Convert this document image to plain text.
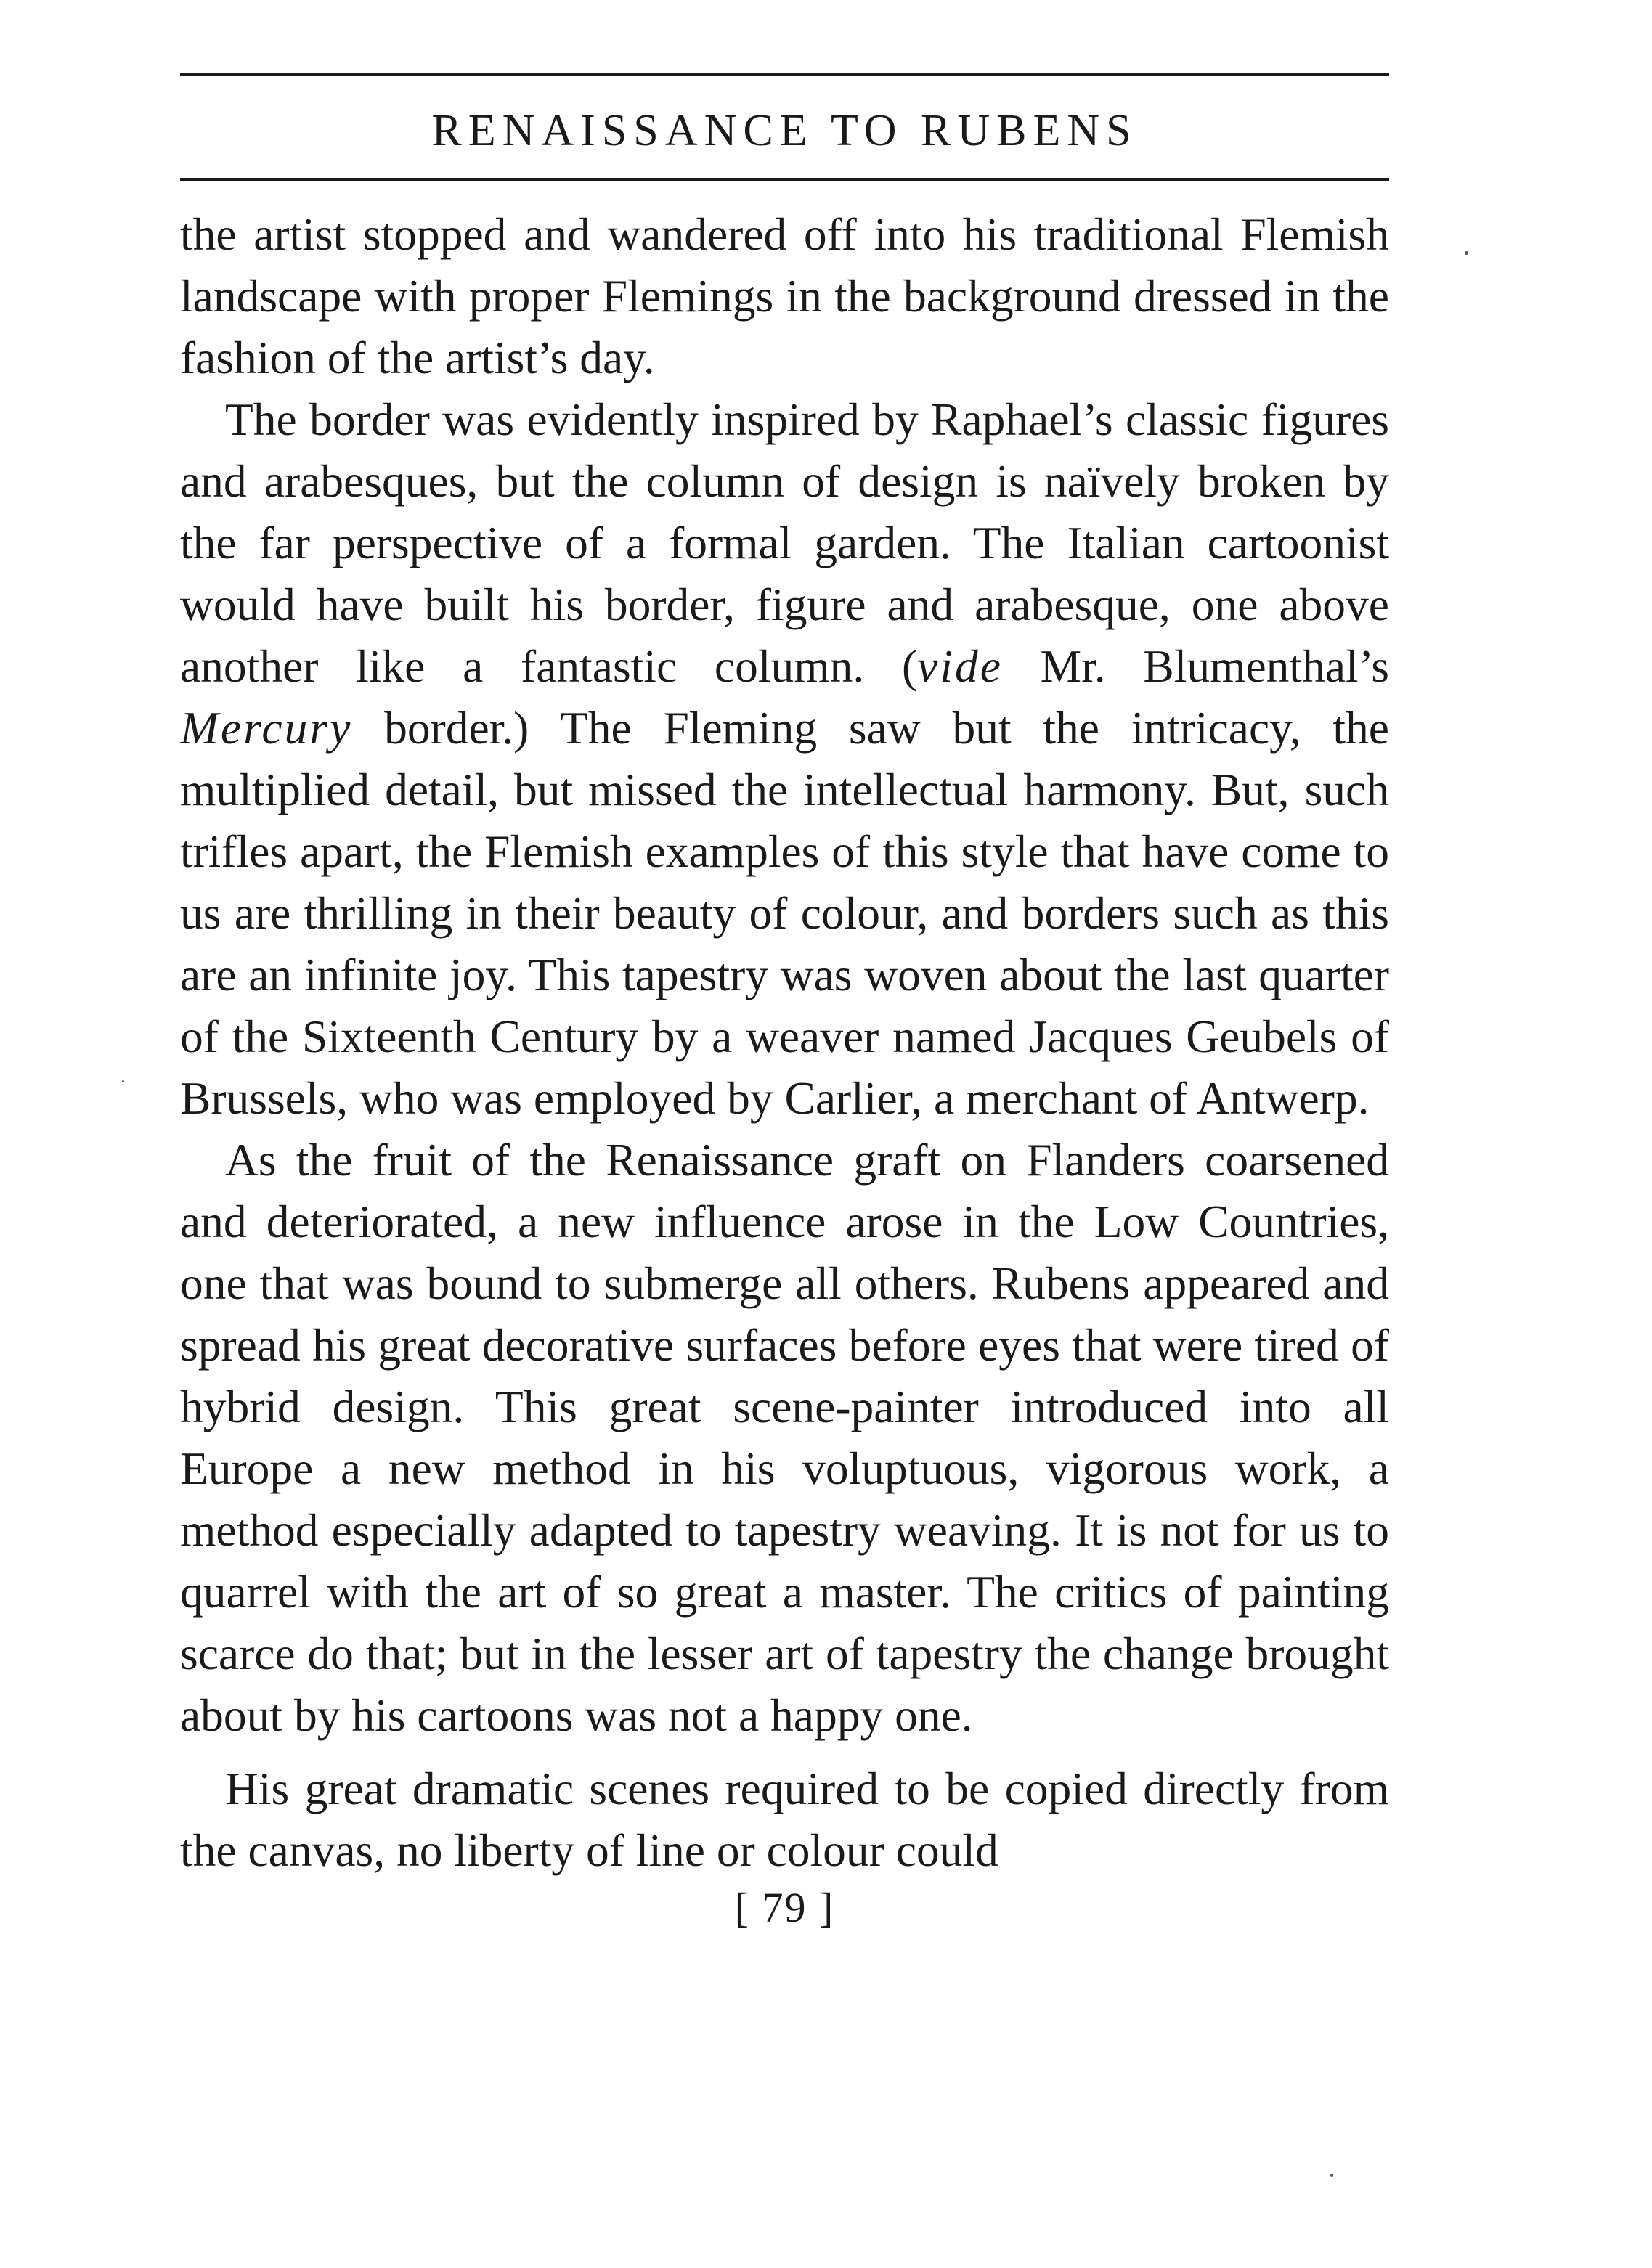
RENAISSANCE TO RUBENS

the artist stopped and wandered off into his traditional Flemish landscape with proper Flemings in the background dressed in the fashion of the artist’s day.

The border was evidently inspired by Raphael’s classic figures and arabesques, but the column of design is naïvely broken by the far perspective of a formal garden. The Italian cartoonist would have built his border, figure and arabesque, one above another like a fantastic column. (vide Mr. Blumenthal’s Mercury border.) The Fleming saw but the intricacy, the multiplied detail, but missed the intellectual harmony. But, such trifles apart, the Flemish examples of this style that have come to us are thrilling in their beauty of colour, and borders such as this are an infinite joy. This tapestry was woven about the last quarter of the Sixteenth Century by a weaver named Jacques Geubels of Brussels, who was employed by Carlier, a merchant of Antwerp.

As the fruit of the Renaissance graft on Flanders coarsened and deteriorated, a new influence arose in the Low Countries, one that was bound to submerge all others. Rubens appeared and spread his great decorative surfaces before eyes that were tired of hybrid design. This great scene-painter introduced into all Europe a new method in his voluptuous, vigorous work, a method especially adapted to tapestry weaving. It is not for us to quarrel with the art of so great a master. The critics of painting scarce do that; but in the lesser art of tapestry the change brought about by his cartoons was not a happy one.

His great dramatic scenes required to be copied directly from the canvas, no liberty of line or colour could

[ 79 ]
